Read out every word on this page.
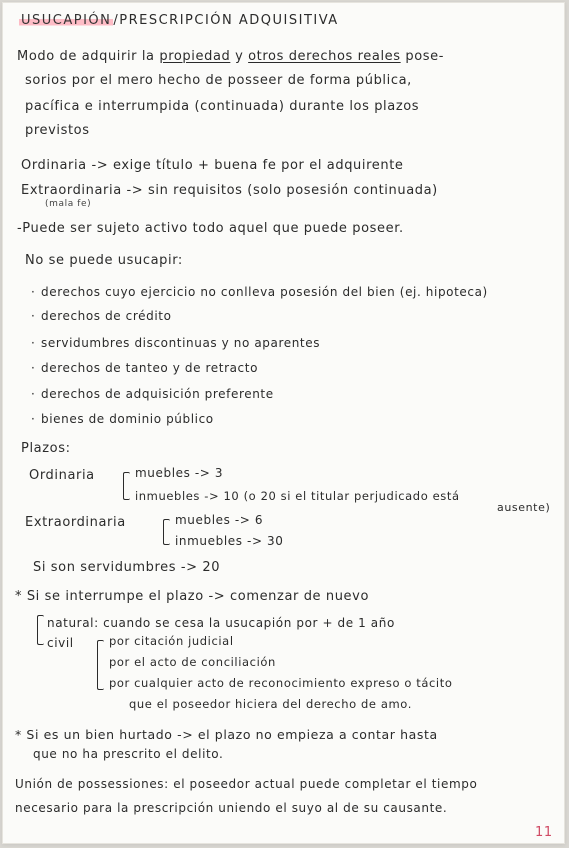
USUCAPIÓN /PRESCRIPCIÓN ADQUISITIVA
Modo de adquirir la propiedad y otros derechos reales pose-
sorios por el mero hecho de posseer de forma pública,
pacífica e interrumpida (continuada) durante los plazos
previstos
Ordinaria -> exige título + buena fe por el adquirente
Extraordinaria -> sin requisitos (solo posesión continuada)
(mala fe)
-Puede ser sujeto activo todo aquel que puede poseer.
No se puede usucapir:
· derechos cuyo ejercicio no conlleva posesión del bien (ej. hipoteca)
· derechos de crédito
· servidumbres discontinuas y no aparentes
· derechos de tanteo y de retracto
· derechos de adquisición preferente
· bienes de dominio público
Plazos:
Ordinaria	muebles -> 3
inmuebles -> 10 (o 20 si el titular perjudicado está
ausente)
Extraordinaria	muebles -> 6
inmuebles -> 30
Si son servidumbres -> 20
* Si se interrumpe el plazo -> comenzar de nuevo
natural: cuando se cesa la usucapión por + de 1 año
civil	por citación judicial
por el acto de conciliación
por cualquier acto de reconocimiento expreso o tácito
que el poseedor hiciera del derecho de amo.
* Si es un bien hurtado -> el plazo no empieza a contar hasta
que no ha prescrito el delito.
Unión de possessiones: el poseedor actual puede completar el tiempo
necesario para la prescripción uniendo el suyo al de su causante.
11
